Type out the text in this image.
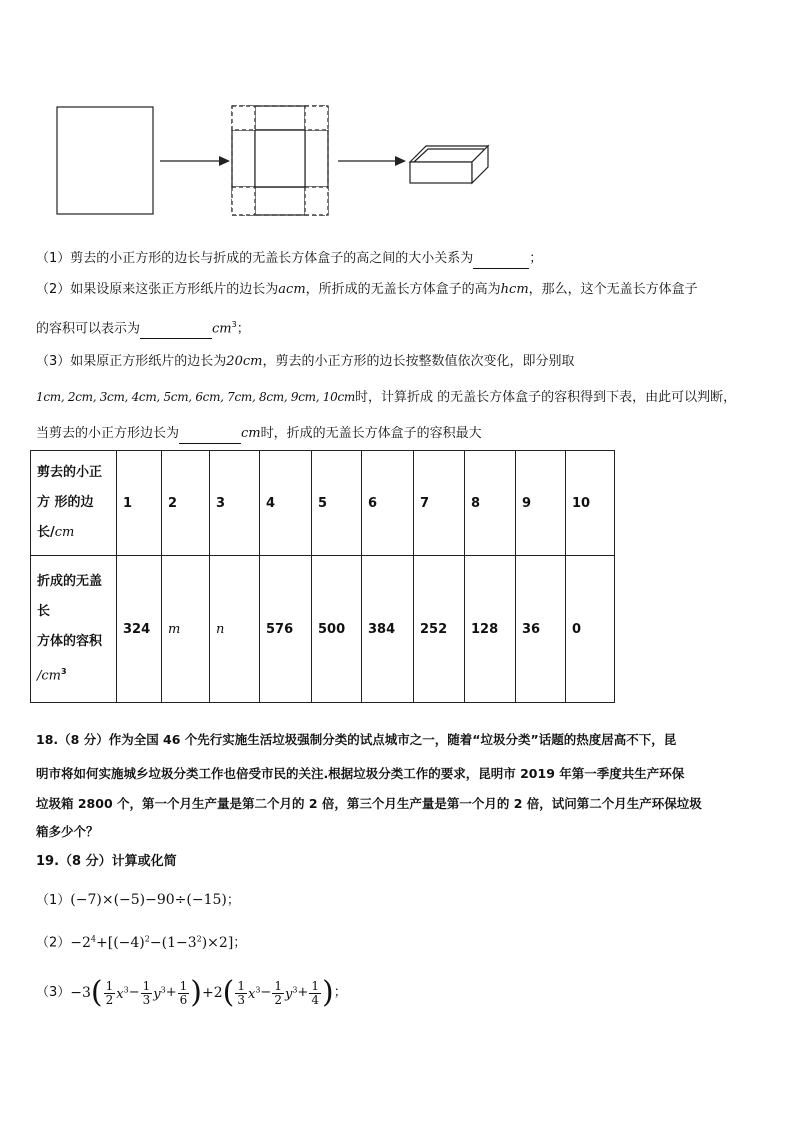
（1）剪去的小正方形的边长与折成的无盖长方体盒子的高之间的大小关系为	；
（2）如果设原来这张正方形纸片的边长为acm，所折成的无盖长方体盒子的高为hcm，那么，这个无盖长方体盒子
的容积可以表示为	$cm^3$；
（3）如果原正方形纸片的边长为20cm，剪去的小正方形的边长按整数值依次变化，即分别取
1cm, 2cm, 3cm, 4cm, 5cm, 6cm, 7cm, 8cm, 9cm, 10cm时，计算折成 的无盖长方体盒子的容积得到下表，由此可以判断，
当剪去的小正方形边长为	cm时，折成的无盖长方体盒子的容积最大
剪去的小正
方 形的边
长/cm	1	2	3	4	5	6	7	8	9	10

折成的无盖
长
方体的容积
$/cm^3$	324	m	n	576	500	384	252	128	36	0
18.（8 分）作为全国 46 个先行实施生活垃圾强制分类的试点城市之一，随着“垃圾分类”话题的热度居高不下，昆
明市将如何实施城乡垃圾分类工作也倍受市民的关注.根据垃圾分类工作的要求，昆明市 2019 年第一季度共生产环保
垃圾箱 2800 个，第一个月生产量是第二个月的 2 倍，第三个月生产量是第一个月的 2 倍，试问第二个月生产环保垃圾
箱多少个？
19.（8 分）计算或化简
（1）(−7)×(−5)−90÷(−15)；
$(2)-2^4+[(-4)^2-(1-3^2)\times 2]$；
$(3)-3( \frac{1}{2} x^3- \frac{1}{3} y^3+ \frac{1}{6} )+2( \frac{1}{3} x^3- \frac{1}{2} y^3+ \frac{1}{4}$ )；
